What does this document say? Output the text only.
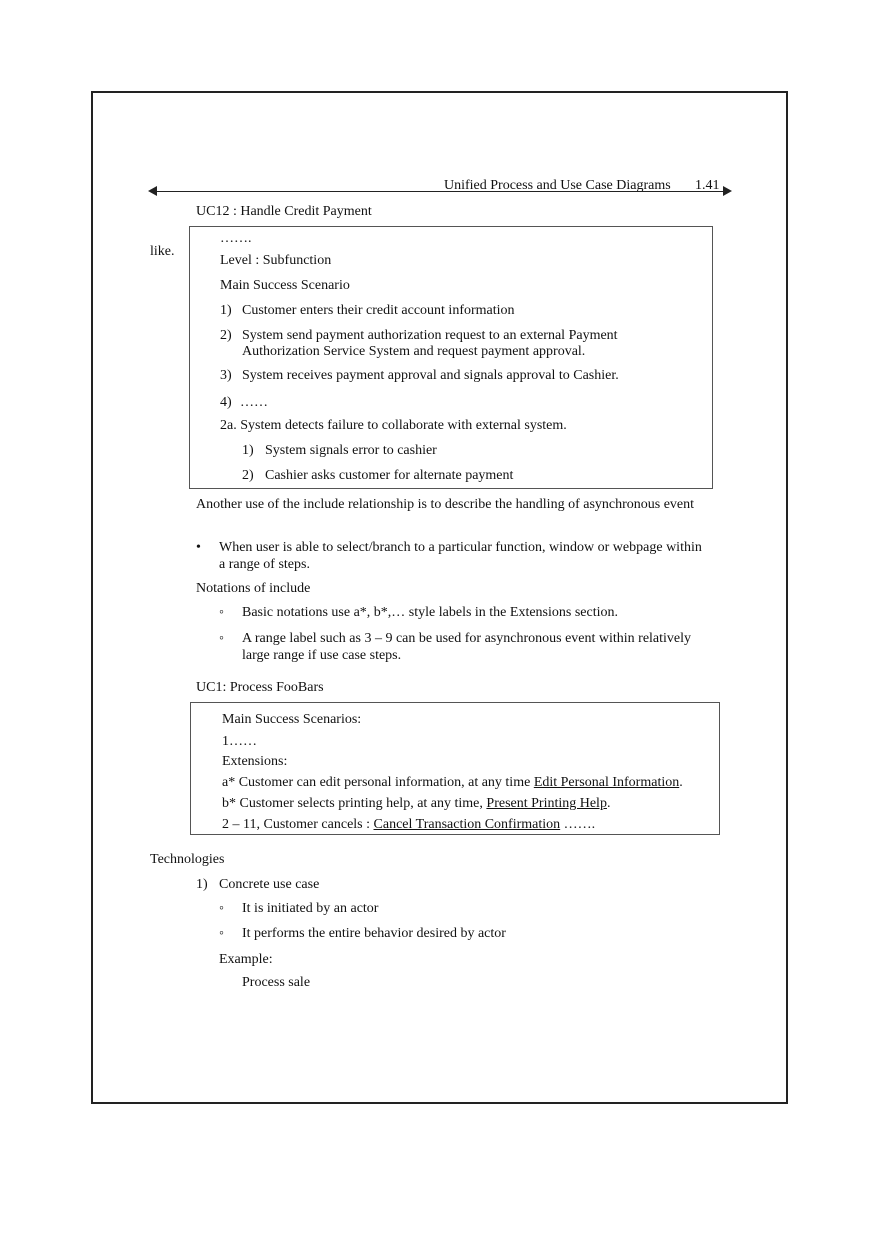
Unified Process and Use Case Diagrams 1.41
UC12 : Handle Credit Payment
like.
…….
Level : Subfunction
Main Success Scenario
1) Customer enters their credit account information
2) System send payment authorization request to an external Payment
Authorization Service System and request payment approval.
3) System receives payment approval and signals approval to Cashier.
4) ……
2a. System detects failure to collaborate with external system.
1) System signals error to cashier
2) Cashier asks customer for alternate payment
Another use of the include relationship is to describe the handling of asynchronous event
• When user is able to select/branch to a particular function, window or webpage within
a range of steps.
Notations of include
◦ Basic notations use a*, b*,… style labels in the Extensions section.
◦ A range label such as 3 – 9 can be used for asynchronous event within relatively
large range if use case steps.
UC1: Process FooBars
Main Success Scenarios:
1……
Extensions:
a* Customer can edit personal information, at any time Edit Personal Information.
b* Customer selects printing help, at any time, Present Printing Help.
2 – 11, Customer cancels : Cancel Transaction Confirmation …….
Technologies
1) Concrete use case
◦ It is initiated by an actor
◦ It performs the entire behavior desired by actor
Example:
Process sale
